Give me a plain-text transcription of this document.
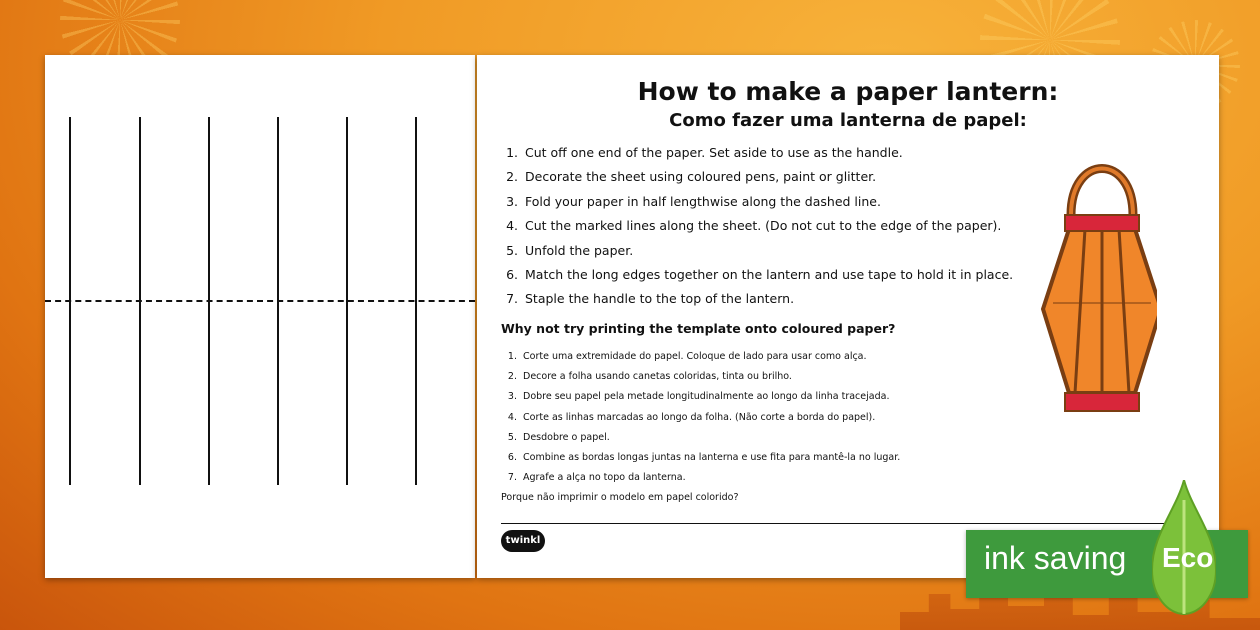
How to make a paper lantern:
Como fazer uma lanterna de papel:
1. Cut off one end of the paper. Set aside to use as the handle.
2. Decorate the sheet using coloured pens, paint or glitter.
3. Fold your paper in half lengthwise along the dashed line.
4. Cut the marked lines along the sheet. (Do not cut to the edge of the paper).
5. Unfold the paper.
6. Match the long edges together on the lantern and use tape to hold it in place.
7. Staple the handle to the top of the lantern.
Why not try printing the template onto coloured paper?
1. Corte uma extremidade do papel. Coloque de lado para usar como alça.
2. Decore a folha usando canetas coloridas, tinta ou brilho.
3. Dobre seu papel pela metade longitudinalmente ao longo da linha tracejada.
4. Corte as linhas marcadas ao longo da folha. (Não corte a borda do papel).
5. Desdobre o papel.
6. Combine as bordas longas juntas na lanterna e use fita para mantê-la no lugar.
7. Agrafe a alça no topo da lanterna.
Porque não imprimir o modelo em papel colorido?
twinkl	ink saving Eco
